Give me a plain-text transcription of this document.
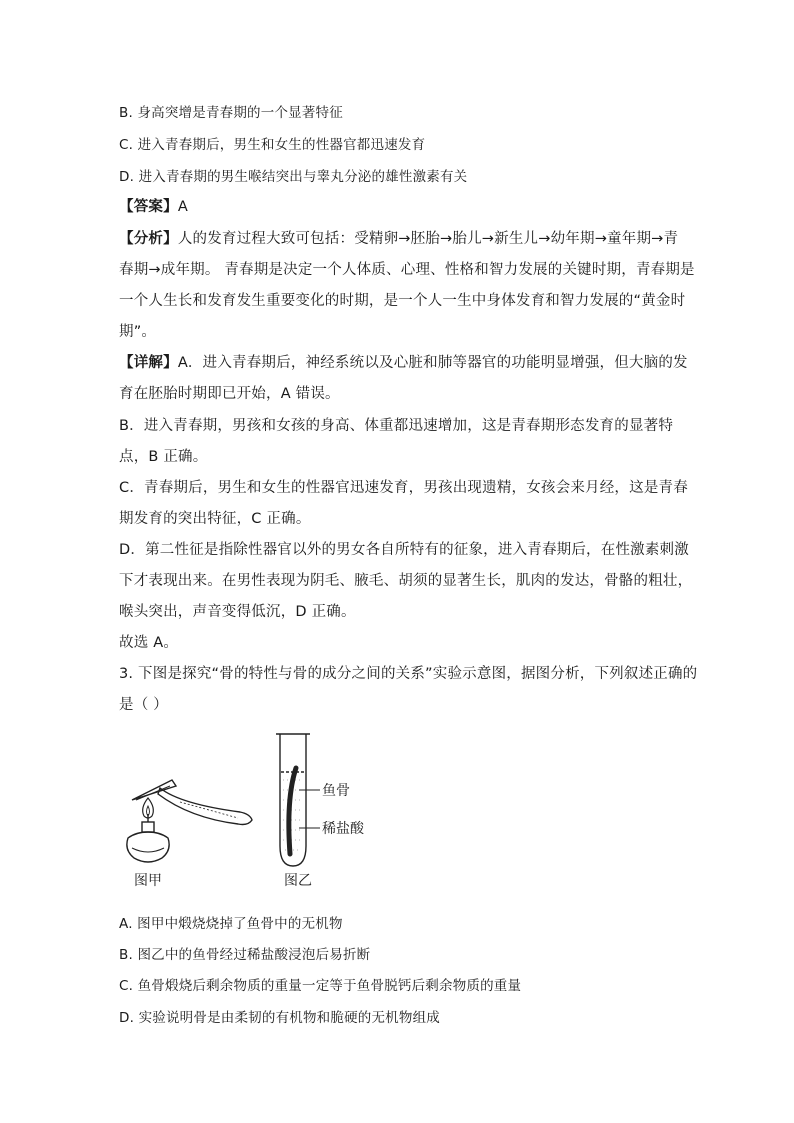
B. 身高突增是青春期的一个显著特征
C. 进入青春期后，男生和女生的性器官都迅速发育
D. 进入青春期的男生喉结突出与睾丸分泌的雄性激素有关
【答案】A
【分析】人的发育过程大致可包括：受精卵→胚胎→胎儿→新生儿→幼年期→童年期→青
春期→成年期。 青春期是决定一个人体质、心理、性格和智力发展的关键时期，青春期是
一个人生长和发育发生重要变化的时期，是一个人一生中身体发育和智力发展的“黄金时
期”。
【详解】A．进入青春期后，神经系统以及心脏和肺等器官的功能明显增强，但大脑的发
育在胚胎时期即已开始，A 错误。
B．进入青春期，男孩和女孩的身高、体重都迅速增加，这是青春期形态发育的显著特
点，B 正确。
C．青春期后，男生和女生的性器官迅速发育，男孩出现遗精，女孩会来月经，这是青春
期发育的突出特征，C 正确。
D．第二性征是指除性器官以外的男女各自所特有的征象，进入青春期后，在性激素刺激
下才表现出来。在男性表现为阴毛、腋毛、胡须的显著生长，肌肉的发达，骨骼的粗壮，
喉头突出，声音变得低沉，D 正确。
故选 A。
3. 下图是探究“骨的特性与骨的成分之间的关系”实验示意图，据图分析，下列叙述正确的
是（ ）
鱼骨
稀盐酸
图甲	图乙
A. 图甲中煅烧烧掉了鱼骨中的无机物
B. 图乙中的鱼骨经过稀盐酸浸泡后易折断
C. 鱼骨煅烧后剩余物质的重量一定等于鱼骨脱钙后剩余物质的重量
D. 实验说明骨是由柔韧的有机物和脆硬的无机物组成
